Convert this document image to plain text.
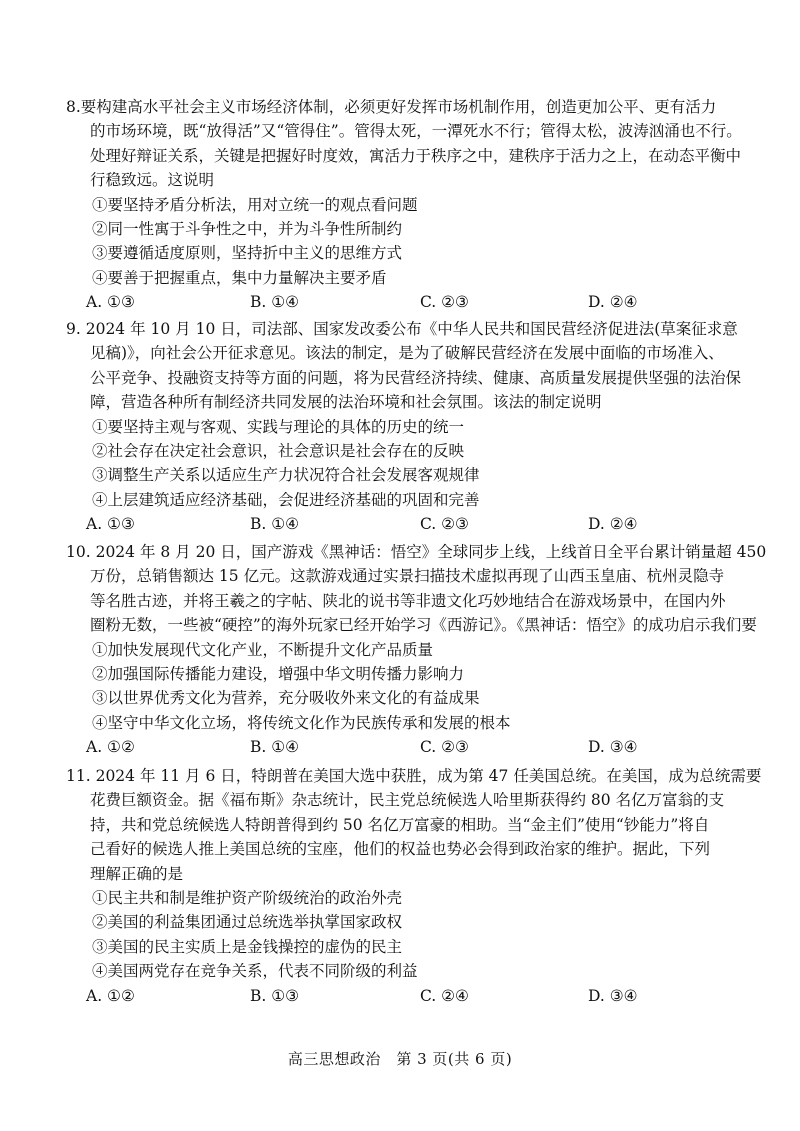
8.要构建高水平社会主义市场经济体制，必须更好发挥市场机制作用，创造更加公平、更有活力
的市场环境，既“放得活”又“管得住”。管得太死，一潭死水不行；管得太松，波涛汹涌也不行。
处理好辩证关系，关键是把握好时度效，寓活力于秩序之中，建秩序于活力之上，在动态平衡中
行稳致远。这说明
①要坚持矛盾分析法，用对立统一的观点看问题
②同一性寓于斗争性之中，并为斗争性所制约
③要遵循适度原则，坚持折中主义的思维方式
④要善于把握重点，集中力量解决主要矛盾
A. ①③	B. ①④	C. ②③	D. ②④
9. 2024 年 10 月 10 日，司法部、国家发改委公布《中华人民共和国民营经济促进法(草案征求意
见稿)》，向社会公开征求意见。该法的制定，是为了破解民营经济在发展中面临的市场准入、
公平竞争、投融资支持等方面的问题，将为民营经济持续、健康、高质量发展提供坚强的法治保
障，营造各种所有制经济共同发展的法治环境和社会氛围。该法的制定说明
①要坚持主观与客观、实践与理论的具体的历史的统一
②社会存在决定社会意识，社会意识是社会存在的反映
③调整生产关系以适应生产力状况符合社会发展客观规律
④上层建筑适应经济基础，会促进经济基础的巩固和完善
A. ①③	B. ①④	C. ②③	D. ②④
10. 2024 年 8 月 20 日，国产游戏《黑神话：悟空》全球同步上线，上线首日全平台累计销量超 450
万份，总销售额达 15 亿元。这款游戏通过实景扫描技术虚拟再现了山西玉皇庙、杭州灵隐寺
等名胜古迹，并将王羲之的字帖、陕北的说书等非遗文化巧妙地结合在游戏场景中，在国内外
圈粉无数，一些被“硬控”的海外玩家已经开始学习《西游记》。《黑神话：悟空》的成功启示我们要
①加快发展现代文化产业，不断提升文化产品质量
②加强国际传播能力建设，增强中华文明传播力影响力
③以世界优秀文化为营养，充分吸收外来文化的有益成果
④坚守中华文化立场，将传统文化作为民族传承和发展的根本
A. ①②	B. ①④	C. ②③	D. ③④
11. 2024 年 11 月 6 日，特朗普在美国大选中获胜，成为第 47 任美国总统。在美国，成为总统需要
花费巨额资金。据《福布斯》杂志统计，民主党总统候选人哈里斯获得约 80 名亿万富翁的支
持，共和党总统候选人特朗普得到约 50 名亿万富豪的相助。当“金主们”使用“钞能力”将自
己看好的候选人推上美国总统的宝座，他们的权益也势必会得到政治家的维护。据此，下列
理解正确的是
①民主共和制是维护资产阶级统治的政治外壳
②美国的利益集团通过总统选举执掌国家政权
③美国的民主实质上是金钱操控的虚伪的民主
④美国两党存在竞争关系，代表不同阶级的利益
A. ①②	B. ①③	C. ②④	D. ③④
高三思想政治　第 3 页(共 6 页)
